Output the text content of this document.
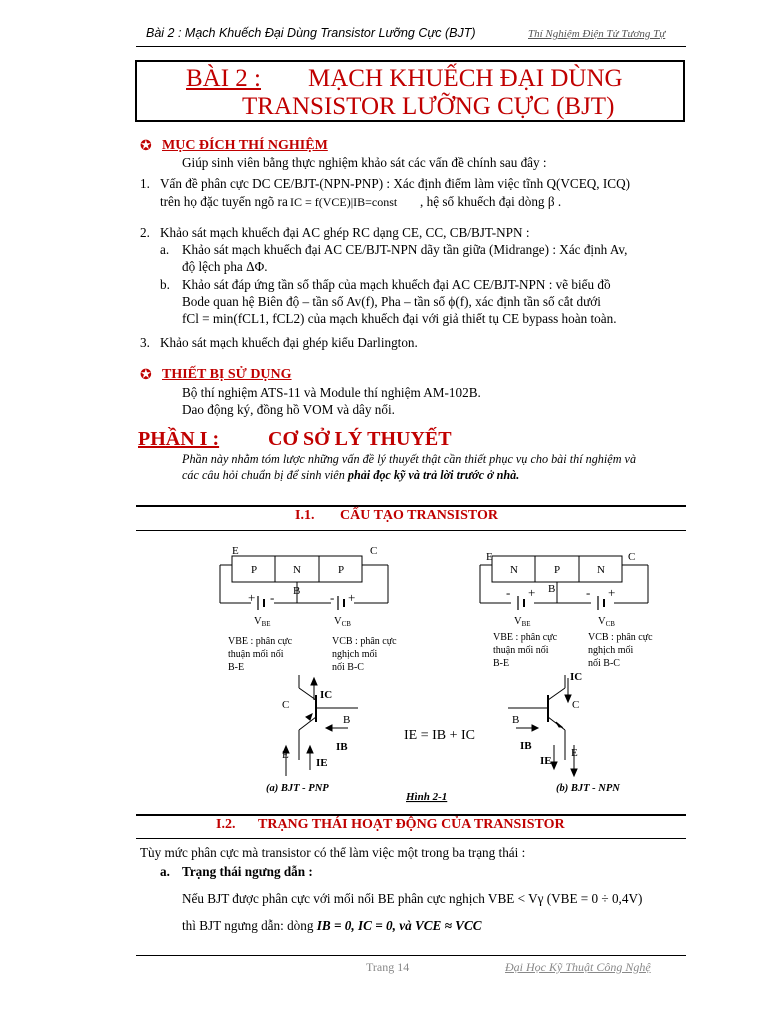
Bài 2 : Mạch Khuếch Đại Dùng Transistor Lưỡng Cực (BJT)	Thí Nghiệm Điện Tử Tương Tự
BÀI 2 : MẠCH KHUẾCH ĐẠI DÙNG
TRANSISTOR LƯỠNG CỰC (BJT)
✪ MỤC ĐÍCH THÍ NGHIỆM
Giúp sinh viên bằng thực nghiệm khảo sát các vấn đề chính sau đây :
1. Vấn đề phân cực DC CE/BJT-(NPN-PNP) : Xác định điểm làm việc tĩnh Q(VCEQ, ICQ)
trên họ đặc tuyến ngõ ra IC = f(VCE)|IB=const , hệ số khuếch đại dòng β .
2. Khảo sát mạch khuếch đại AC ghép RC dạng CE, CC, CB/BJT-NPN :
a. Khảo sát mạch khuếch đại AC CE/BJT-NPN dãy tần giữa (Midrange) : Xác định Av,
độ lệch pha ΔΦ.
b. Khảo sát đáp ứng tần số thấp của mạch khuếch đại AC CE/BJT-NPN : vẽ biểu đồ
Bode quan hệ Biên độ – tần số Av(f), Pha – tần số ϕ(f), xác định tần số cắt dưới
fCl = min(fCL1, fCL2) của mạch khuếch đại với giả thiết tụ CE bypass hoàn toàn.
3. Khảo sát mạch khuếch đại ghép kiểu Darlington.
✪ THIẾT BỊ SỬ DỤNG
Bộ thí nghiệm ATS-11 và Module thí nghiệm AM-102B.
Dao động ký, đồng hồ VOM và dây nối.
PHẦN I : CƠ SỞ LÝ THUYẾT
Phần này nhằm tóm lược những vấn đề lý thuyết thật cần thiết phục vụ cho bài thí nghiệm và
các câu hỏi chuẩn bị để sinh viên phải đọc kỹ và trả lời trước ở nhà.
I.1. CẤU TẠO TRANSISTOR
E	C
P	N	P
B
+ -	- +
VBE	VCB
VBE : phân cực
thuận mối nối
B-E
VCB : phân cực
nghịch mối
nối B-C
E	C
N	P	N
B
- +	- +
VBE	VCB
VBE : phân cực
thuận mối nối
B-E
VCB : phân cực
nghịch mối
nối B-C
C
IC
B
IB
E
IE
IE = IB + IC
IC
C
B
IB
IE
E
(a) BJT - PNP
Hình 2-1
(b) BJT - NPN
I.2. TRẠNG THÁI HOẠT ĐỘNG CỦA TRANSISTOR
Tùy mức phân cực mà transistor có thể làm việc một trong ba trạng thái :
a. Trạng thái ngưng dẫn :
Nếu BJT được phân cực với mối nối BE phân cực nghịch VBE < Vγ (VBE = 0 ÷ 0,4V)
thì BJT ngưng dẫn: dòng IB = 0, IC = 0, và VCE ≈ VCC
Trang 14	Đại Học Kỹ Thuật Công Nghệ
